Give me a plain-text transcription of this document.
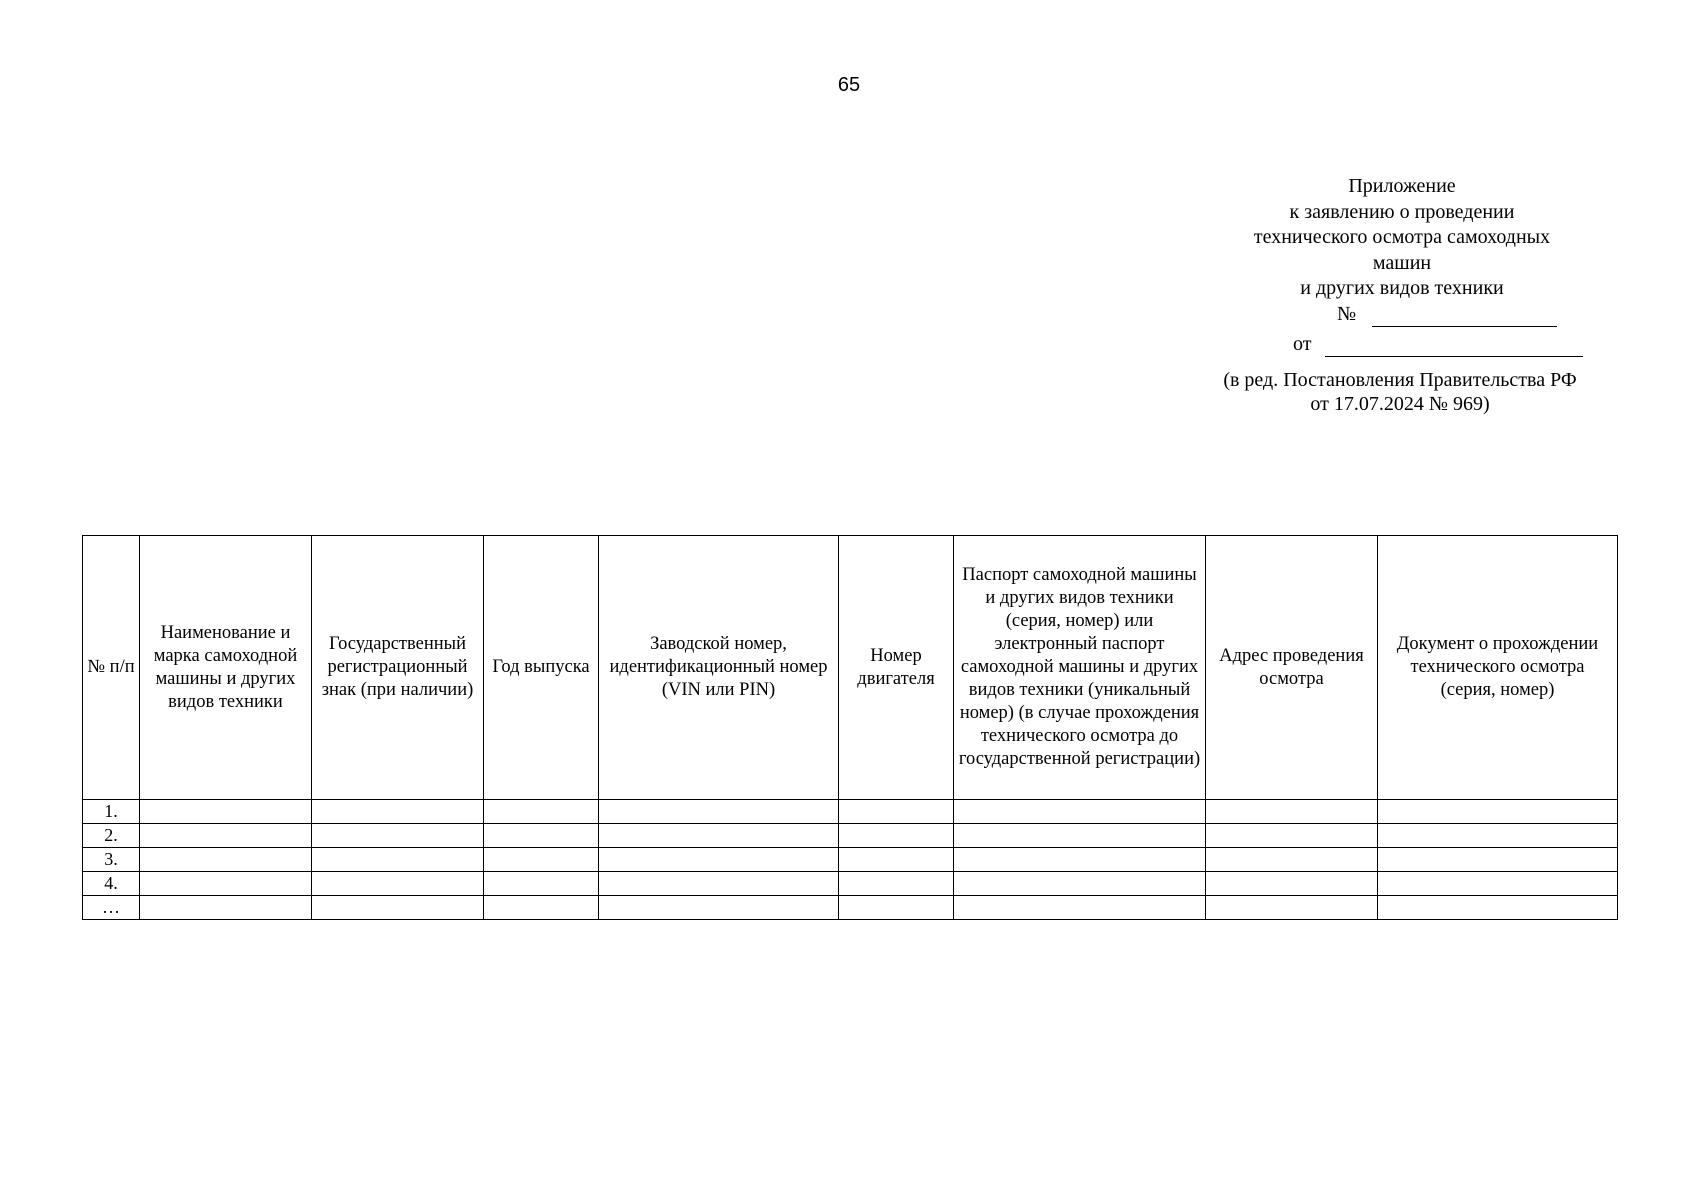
65
Приложение
к заявлению о проведении
технического осмотра самоходных
машин
и других видов техники
№
от
(в ред. Постановления Правительства РФ
от 17.07.2024 № 969)
№ п/п	Наименование и марка самоходной машины и других видов техники	Государственный регистрационный знак (при наличии)	Год выпуска	Заводской номер, идентификационный номер (VIN или PIN)	Номер двигателя	Паспорт самоходной машины и других видов техники (серия, номер) или электронный паспорт самоходной машины и других видов техники (уникальный номер) (в случае прохождения технического осмотра до государственной регистрации)	Адрес проведения осмотра	Документ о прохождении технического осмотра (серия, номер)
1.								
2.								
3.								
4.								
…								
